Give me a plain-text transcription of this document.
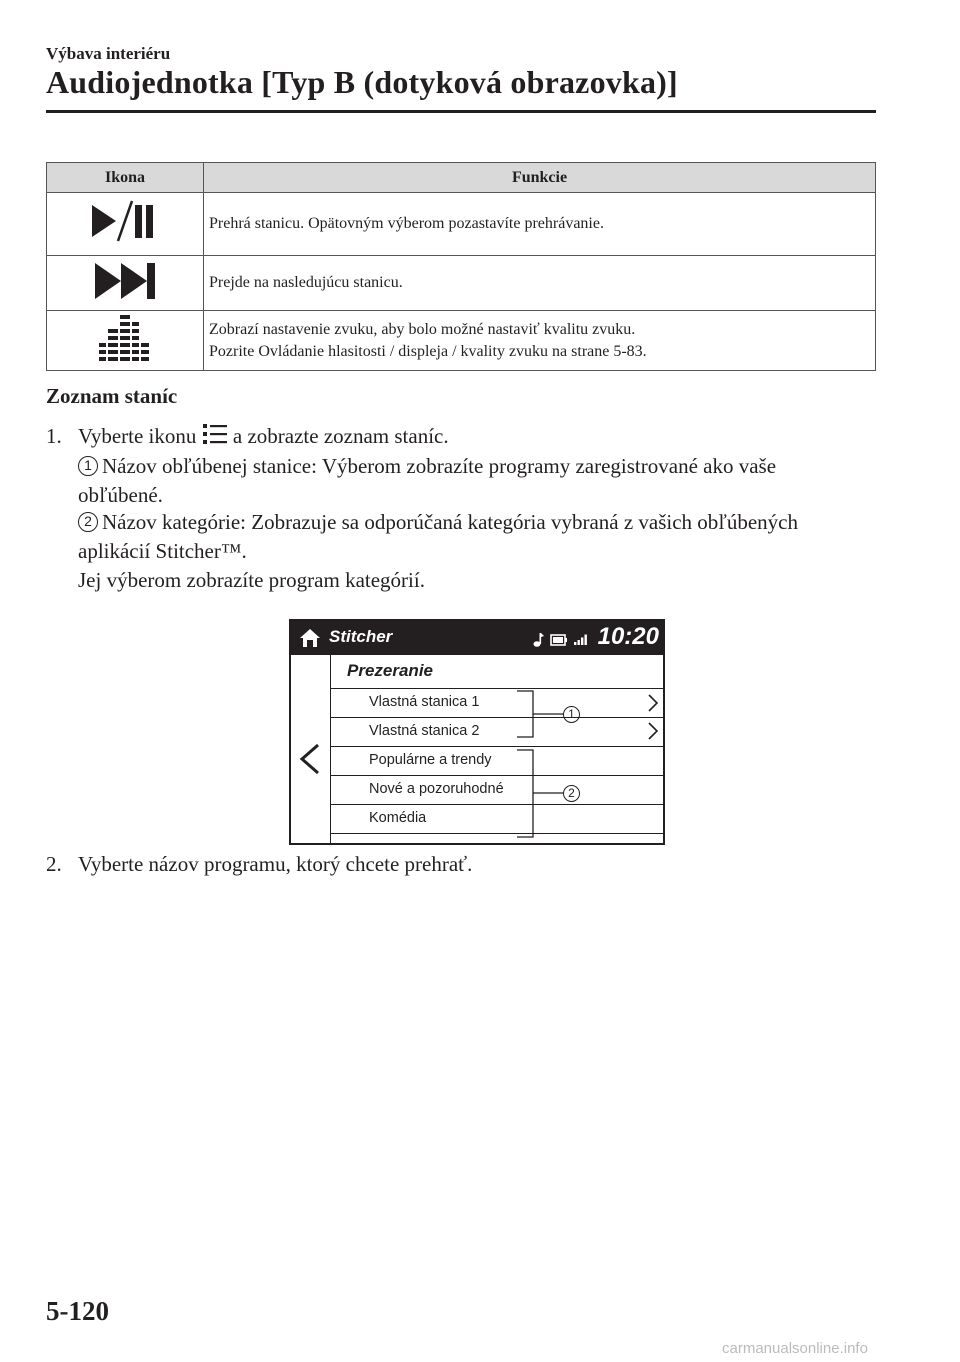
Výbava interiéru
Audiojednotka [Typ B (dotyková obrazovka)]
Ikona	Funkcie
	Prehrá stanicu. Opätovným výberom pozastavíte prehrávanie.
	Prejde na nasledujúcu stanicu.

Zobrazí nastavenie zvuku, aby bolo možné nastaviť kvalitu zvuku.
Pozrite Ovládanie hlasitosti / displeja / kvality zvuku na strane 5-83.
Zoznam staníc
1. Vyberte ikonu a zobrazte zoznam staníc.
1 Názov obľúbenej stanice: Výberom zobrazíte programy zaregistrované ako vaše
obľúbené.
2 Názov kategórie: Zobrazuje sa odporúčaná kategória vybraná z vašich obľúbených
aplikácií Stitcher™.
Jej výberom zobrazíte program kategórií.
Stitcher	10:20
Prezeranie
Vlastná stanica 1
Vlastná stanica 2
Populárne a trendy
Nové a pozoruhodné
Komédia
1
2
2. Vyberte názov programu, ktorý chcete prehrať.
5-120
carmanualsonline.info
